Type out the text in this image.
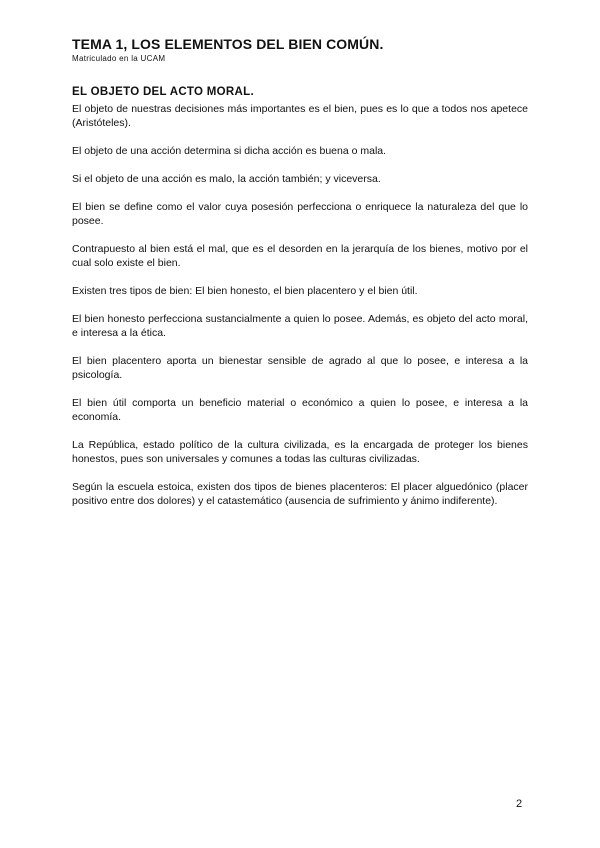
TEMA 1, LOS ELEMENTOS DEL BIEN COMÚN.
Matriculado en la UCAM
EL OBJETO DEL ACTO MORAL.

El objeto de nuestras decisiones más importantes es el bien, pues es lo que a todos nos apetece (Aristóteles).

El objeto de una acción determina si dicha acción es buena o mala.

Si el objeto de una acción es malo, la acción también; y viceversa.

El bien se define como el valor cuya posesión perfecciona o enriquece la naturaleza del que lo posee.

Contrapuesto al bien está el mal, que es el desorden en la jerarquía de los bienes, motivo por el cual solo existe el bien.

Existen tres tipos de bien: El bien honesto, el bien placentero y el bien útil.

El bien honesto perfecciona sustancialmente a quien lo posee. Además, es objeto del acto moral, e interesa a la ética.

El bien placentero aporta un bienestar sensible de agrado al que lo posee, e interesa a la psicología.

El bien útil comporta un beneficio material o económico a quien lo posee, e interesa a la economía.

La República, estado político de la cultura civilizada, es la encargada de proteger los bienes honestos, pues son universales y comunes a todas las culturas civilizadas.

Según la escuela estoica, existen dos tipos de bienes placenteros: El placer alguedónico (placer positivo entre dos dolores) y el catastemático (ausencia de sufrimiento y ánimo indiferente).

2
